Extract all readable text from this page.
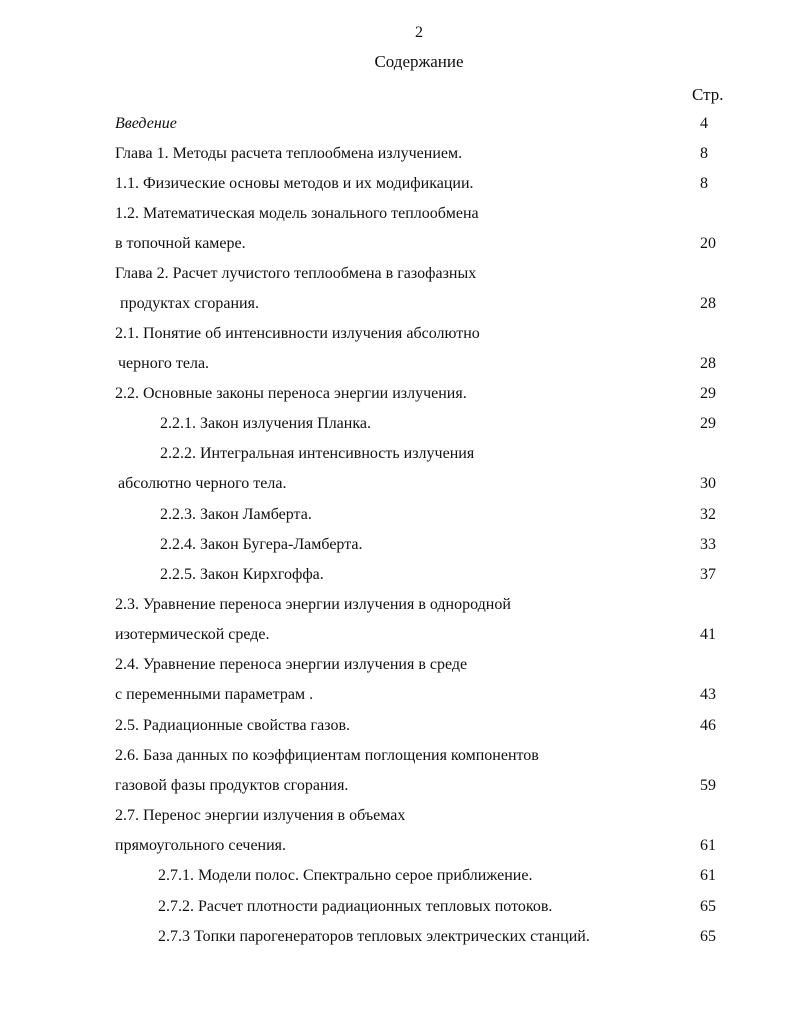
2
Содержание
Стр.
Введение	4
Глава 1. Методы расчета теплообмена излучением.	8
1.1. Физические основы методов и их модификации.	8
1.2. Математическая модель зонального теплообмена
в топочной камере.	20
Глава 2. Расчет лучистого теплообмена в газофазных
продуктах сгорания.	28
2.1. Понятие об интенсивности излучения абсолютно
черного тела.	28
2.2. Основные законы переноса энергии излучения.	29
2.2.1. Закон излучения Планка.	29
2.2.2. Интегральная интенсивность излучения
абсолютно черного тела.	30
2.2.3. Закон Ламберта.	32
2.2.4. Закон Бугера-Ламберта.	33
2.2.5. Закон Кирхгоффа.	37
2.3. Уравнение переноса энергии излучения в однородной
изотермической среде.	41
2.4. Уравнение переноса энергии излучения в среде
с переменными параметрам .	43
2.5. Радиационные свойства газов.	46
2.6. База данных по коэффициентам поглощения компонентов
газовой фазы продуктов сгорания.	59
2.7. Перенос энергии излучения в объемах
прямоугольного сечения.	61
2.7.1. Модели полос. Спектрально серое приближение.	61
2.7.2. Расчет плотности радиационных тепловых потоков.	65
2.7.3 Топки парогенераторов тепловых электрических станций.	65
